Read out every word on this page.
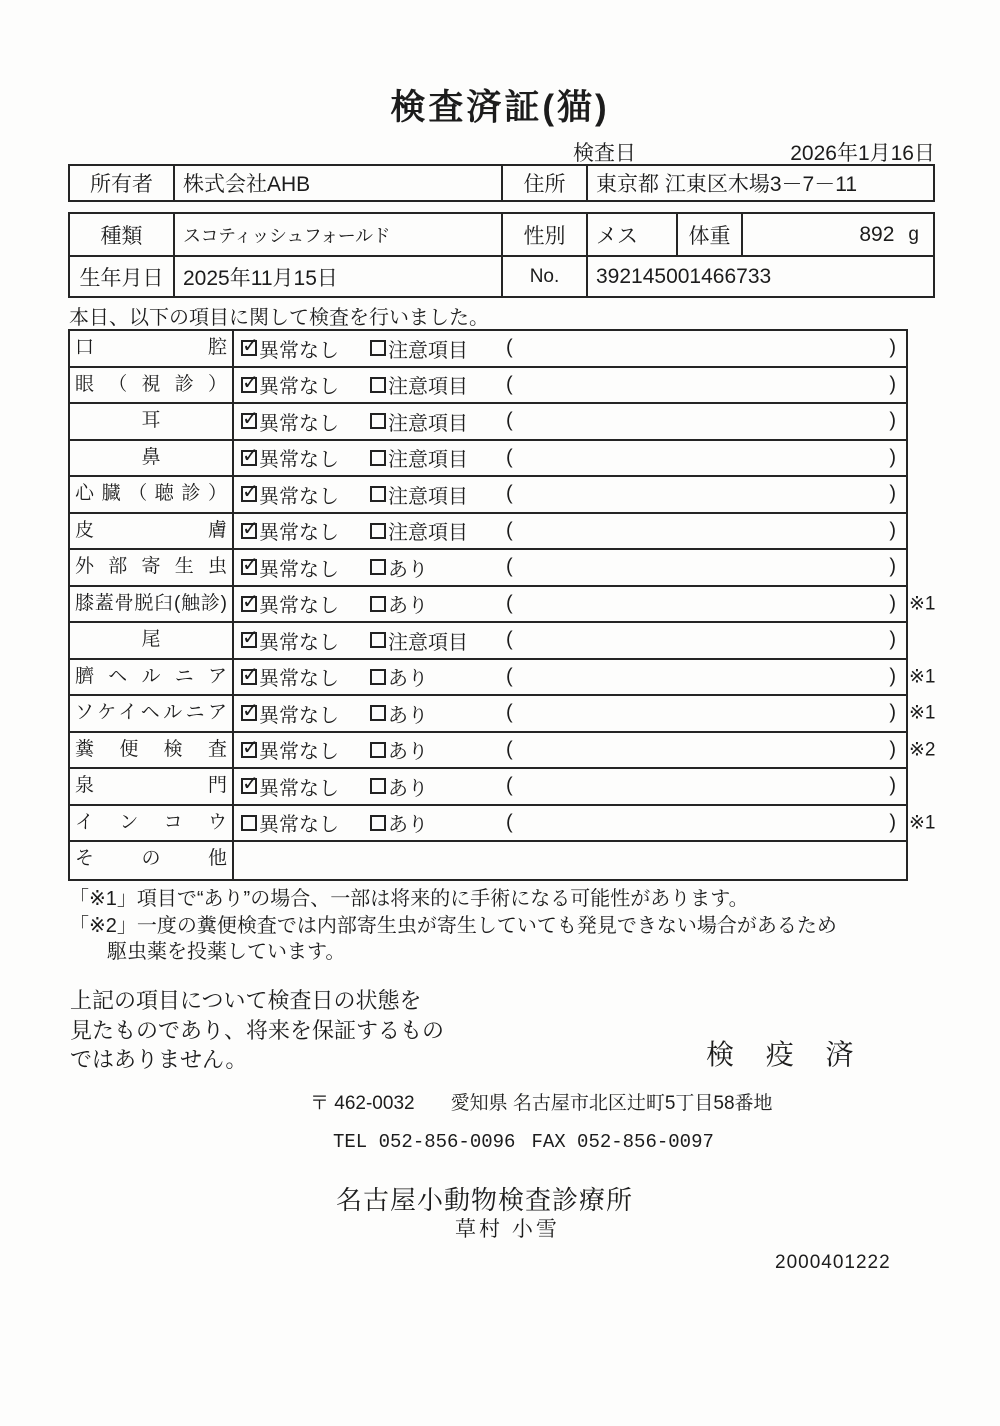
検査済証(猫)
検査日	2026年1月16日
所有者	株式会社AHB	住所	東京都 江東区木場3－7－11
種類	スコティッシュフォールド	性別	メス	体重	892 g
生年月日 2025年11月15日	No.	392145001466733
本日、以下の項目に関して検査を行いました。
口腔 ✓ 異常なし 注意項目 (	)
眼（視診） ✓ 異常なし 注意項目 (	)
耳	✓ 異常なし 注意項目 (	)
鼻	✓ 異常なし 注意項目 (	)
心臓（聴診） ✓ 異常なし 注意項目 (	)
皮膚 ✓ 異常なし 注意項目 (	)
外部寄生虫 ✓ 異常なし あり	(	)
膝蓋骨脱臼(触診) ✓ 異常なし あり	(	) ※1
尾	✓ 異常なし 注意項目 (	)
臍ヘルニア ✓ 異常なし あり	(	) ※1
ソケイヘルニア ✓ 異常なし あり	(	) ※1
糞便検査 ✓ 異常なし あり	(	) ※2
泉門 ✓ 異常なし あり	(	)
インコウ	異常なし あり	(	) ※1
その他
「※1」項目で“あり”の場合、一部は将来的に手術になる可能性があります。
「※2」一度の糞便検査では内部寄生虫が寄生していても発見できない場合があるため
駆虫薬を投薬しています。
上記の項目について検査日の状態を
見たものであり、将来を保証するもの
ではありません。	検 疫 済
〒 462-0032 愛知県 名古屋市北区辻町5丁目58番地
TEL 052-856-0096 FAX 052-856-0097
名古屋小動物検査診療所
草村 小雪
2000401222
